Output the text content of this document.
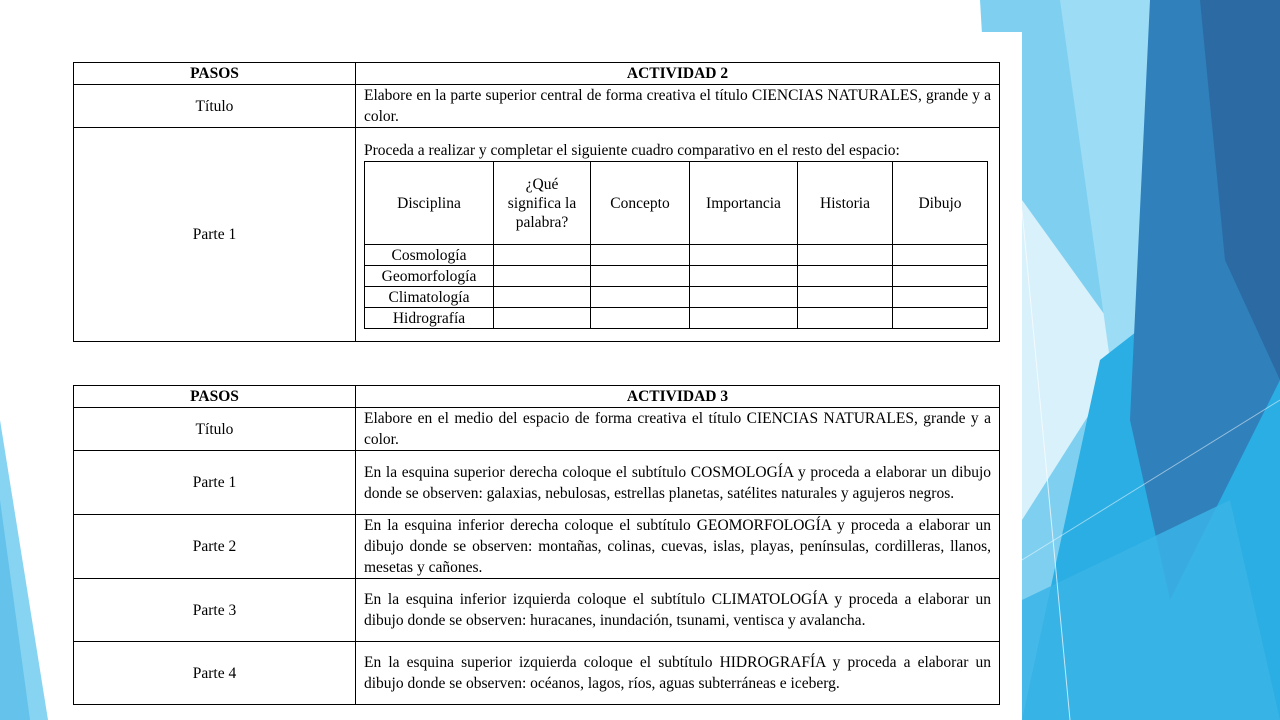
PASOS	ACTIVIDAD 2
Título	Elabore en la parte superior central de forma creativa el título CIENCIAS NATURALES, grande y a color.
Parte 1	

Proceda a realizar y completar el siguiente cuadro comparativo en el resto del espacio:

Disciplina	¿Qué significa la palabra?	Concepto	Importancia	Historia	Dibujo
Cosmología					
Geomorfología					
Climatología					
Hidrografía					
PASOS	ACTIVIDAD 3
Título	Elabore en el medio del espacio de forma creativa el título CIENCIAS NATURALES, grande y a color.
Parte 1	En la esquina superior derecha coloque el subtítulo COSMOLOGÍA y proceda a elaborar un dibujo donde se observen: galaxias, nebulosas, estrellas planetas, satélites naturales y agujeros negros.
Parte 2	En la esquina inferior derecha coloque el subtítulo GEOMORFOLOGÍA y proceda a elaborar un dibujo donde se observen: montañas, colinas, cuevas, islas, playas, penínsulas, cordilleras, llanos, mesetas y cañones.
Parte 3	En la esquina inferior izquierda coloque el subtítulo CLIMATOLOGÍA y proceda a elaborar un dibujo donde se observen: huracanes, inundación, tsunami, ventisca y avalancha.
Parte 4	En la esquina superior izquierda coloque el subtítulo HIDROGRAFÍA y proceda a elaborar un dibujo donde se observen: océanos, lagos, ríos, aguas subterráneas e iceberg.
